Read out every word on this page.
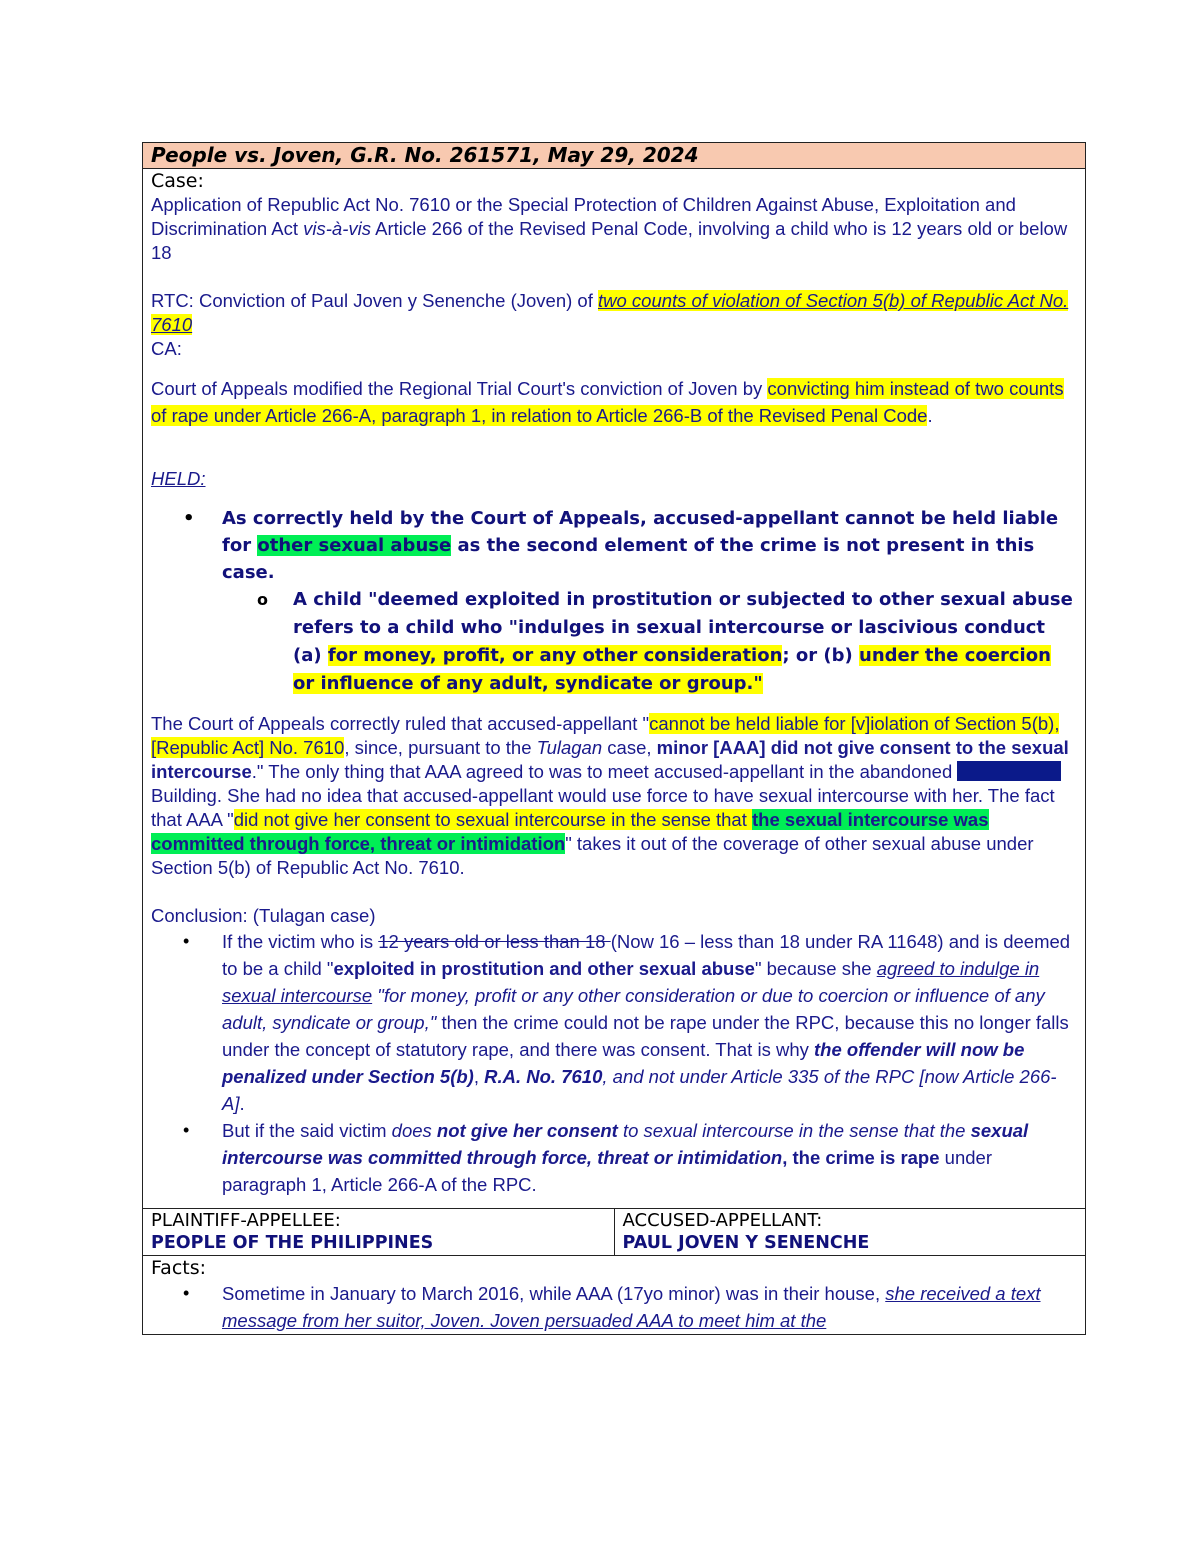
People vs. Joven, G.R. No. 261571, May 29, 2024

Case:

Application of Republic Act No. 7610 or the Special Protection of Children Against Abuse, Exploitation and Discrimination Act vis-à-vis Article 266 of the Revised Penal Code, involving a child who is 12 years old or below 18

RTC: Conviction of Paul Joven y Senenche (Joven) of two counts of violation of Section 5(b) of Republic Act No. 7610

CA:

Court of Appeals modified the Regional Trial Court's conviction of Joven by convicting him instead of two counts of rape under Article 266-A, paragraph 1, in relation to Article 266-B of the Revised Penal Code.

HELD:

• As correctly held by the Court of Appeals, accused-appellant cannot be held liable for other sexual abuse as the second element of the crime is not present in this case.
o A child "deemed exploited in prostitution or subjected to other sexual abuse refers to a child who "indulges in sexual intercourse or lascivious conduct (a) for money, profit, or any other consideration; or (b) under the coercion or influence of any adult, syndicate or group."

The Court of Appeals correctly ruled that accused-appellant "cannot be held liable for [v]iolation of Section 5(b), [Republic Act] No. 7610, since, pursuant to the Tulagan case, minor [AAA] did not give consent to the sexual intercourse." The only thing that AAA agreed to was to meet accused-appellant in the abandoned  Building. She had no idea that accused-appellant would use force to have sexual intercourse with her. The fact that AAA "did not give her consent to sexual intercourse in the sense that the sexual intercourse was committed through force, threat or intimidation" takes it out of the coverage of other sexual abuse under Section 5(b) of Republic Act No. 7610.

Conclusion: (Tulagan case)

• If the victim who is 12 years old or less than 18 (Now 16 – less than 18 under RA 11648) and is deemed to be a child "exploited in prostitution and other sexual abuse" because she agreed to indulge in sexual intercourse "for money, profit or any other consideration or due to coercion or influence of any adult, syndicate or group," then the crime could not be rape under the RPC, because this no longer falls under the concept of statutory rape, and there was consent. That is why the offender will now be penalized under Section 5(b), R.A. No. 7610, and not under Article 335 of the RPC [now Article 266-A].
• But if the said victim does not give her consent to sexual intercourse in the sense that the sexual intercourse was committed through force, threat or intimidation, the crime is rape under paragraph 1, Article 266-A of the RPC.

PLAINTIFF-APPELLEE:
PEOPLE OF THE PHILIPPINES

ACCUSED-APPELLANT:
PAUL JOVEN Y SENENCHE

Facts:
• Sometime in January to March 2016, while AAA (17yo minor) was in their house, she received a text message from her suitor, Joven. Joven persuaded AAA to meet him at the
